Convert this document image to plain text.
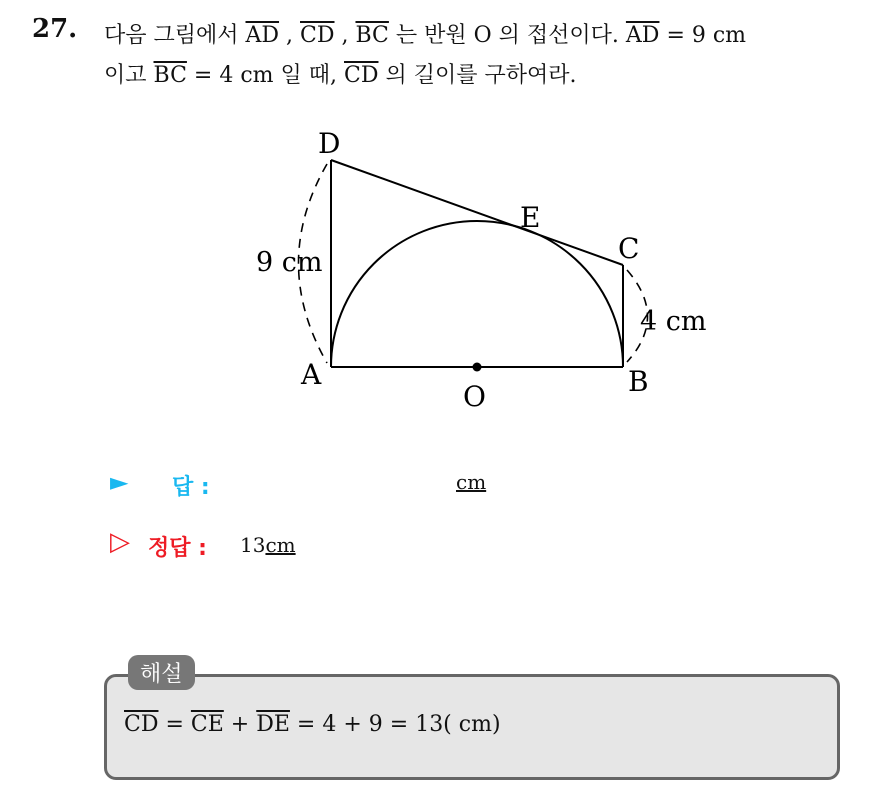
27. 다음 그림에서 $\overline{AD}$ , $\overline{CD}$ , $\overline{BC}$ 는 반원 O 의 접선이다. $\overline{AD} = 9$ cm
이고 $\overline{BC} = 4$ cm 일 때, $\overline{CD}$ 의 길이를 구하여라.
D
E
C
A	B
O
9 cm
4 cm
► 답 :	cm
▷ 정답 : 13cm
해설
$\overline{CD} = \overline{CE} + \overline{DE} = 4 + 9 = 13$( cm)
